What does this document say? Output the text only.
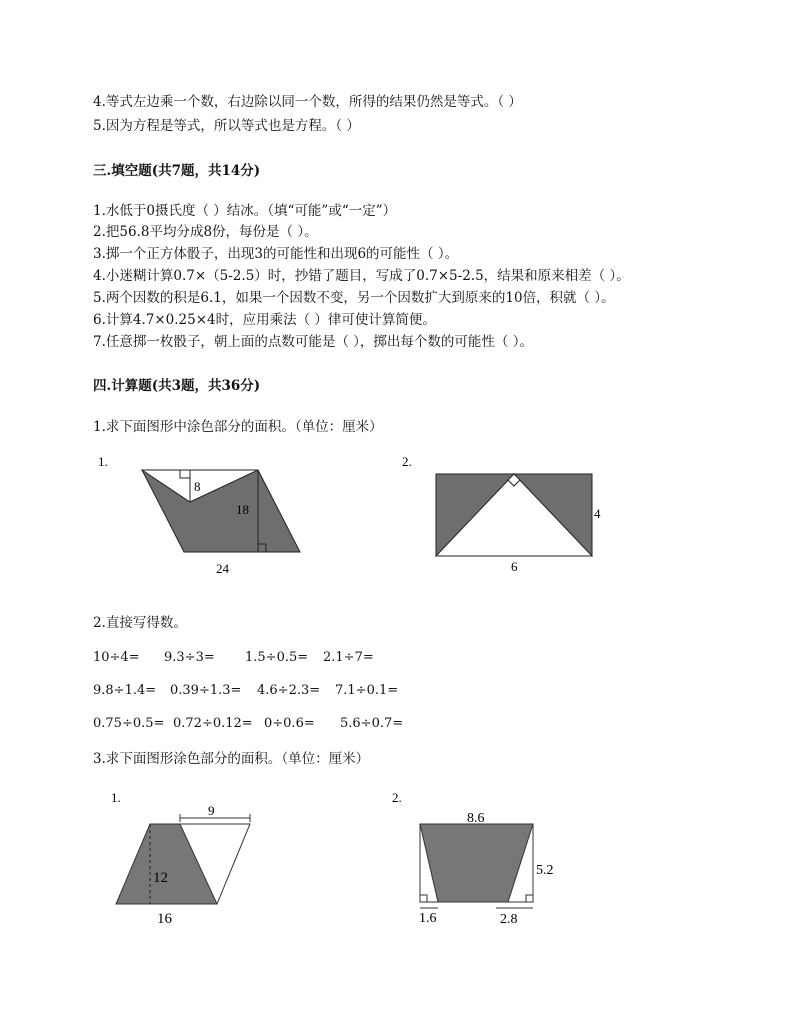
4.等式左边乘一个数，右边除以同一个数，所得的结果仍然是等式。（ ）
5.因为方程是等式，所以等式也是方程。（ ）
三.填空题(共7题，共14分)
1.水低于0摄氏度（ ）结冰。（填“可能”或“一定”）
2.把56.8平均分成8份，每份是（ ）。
3.掷一个正方体骰子，出现3的可能性和出现6的可能性（ ）。
4.小迷糊计算0.7×（5-2.5）时，抄错了题目，写成了0.7×5-2.5，结果和原来相差（ ）。
5.两个因数的积是6.1，如果一个因数不变，另一个因数扩大到原来的10倍，积就（ ）。
6.计算4.7×0.25×4时，应用乘法（ ）律可使计算简便。
7.任意掷一枚骰子，朝上面的点数可能是（ ），掷出每个数的可能性（ ）。
四.计算题(共3题，共36分)
1.求下面图形中涂色部分的面积。（单位：厘米）
1.
8
18
24
2.
4
6
2.直接写得数。
10÷4= 9.3÷3= 1.5÷0.5= 2.1÷7=
9.8÷1.4= 0.39÷1.3= 4.6÷2.3= 7.1÷0.1=
0.75÷0.5= 0.72÷0.12= 0÷0.6= 5.6÷0.7=
3.求下面图形涂色部分的面积。（单位：厘米）
1.
9
12
16
2.
8.6
5.2
1.6	2.8
